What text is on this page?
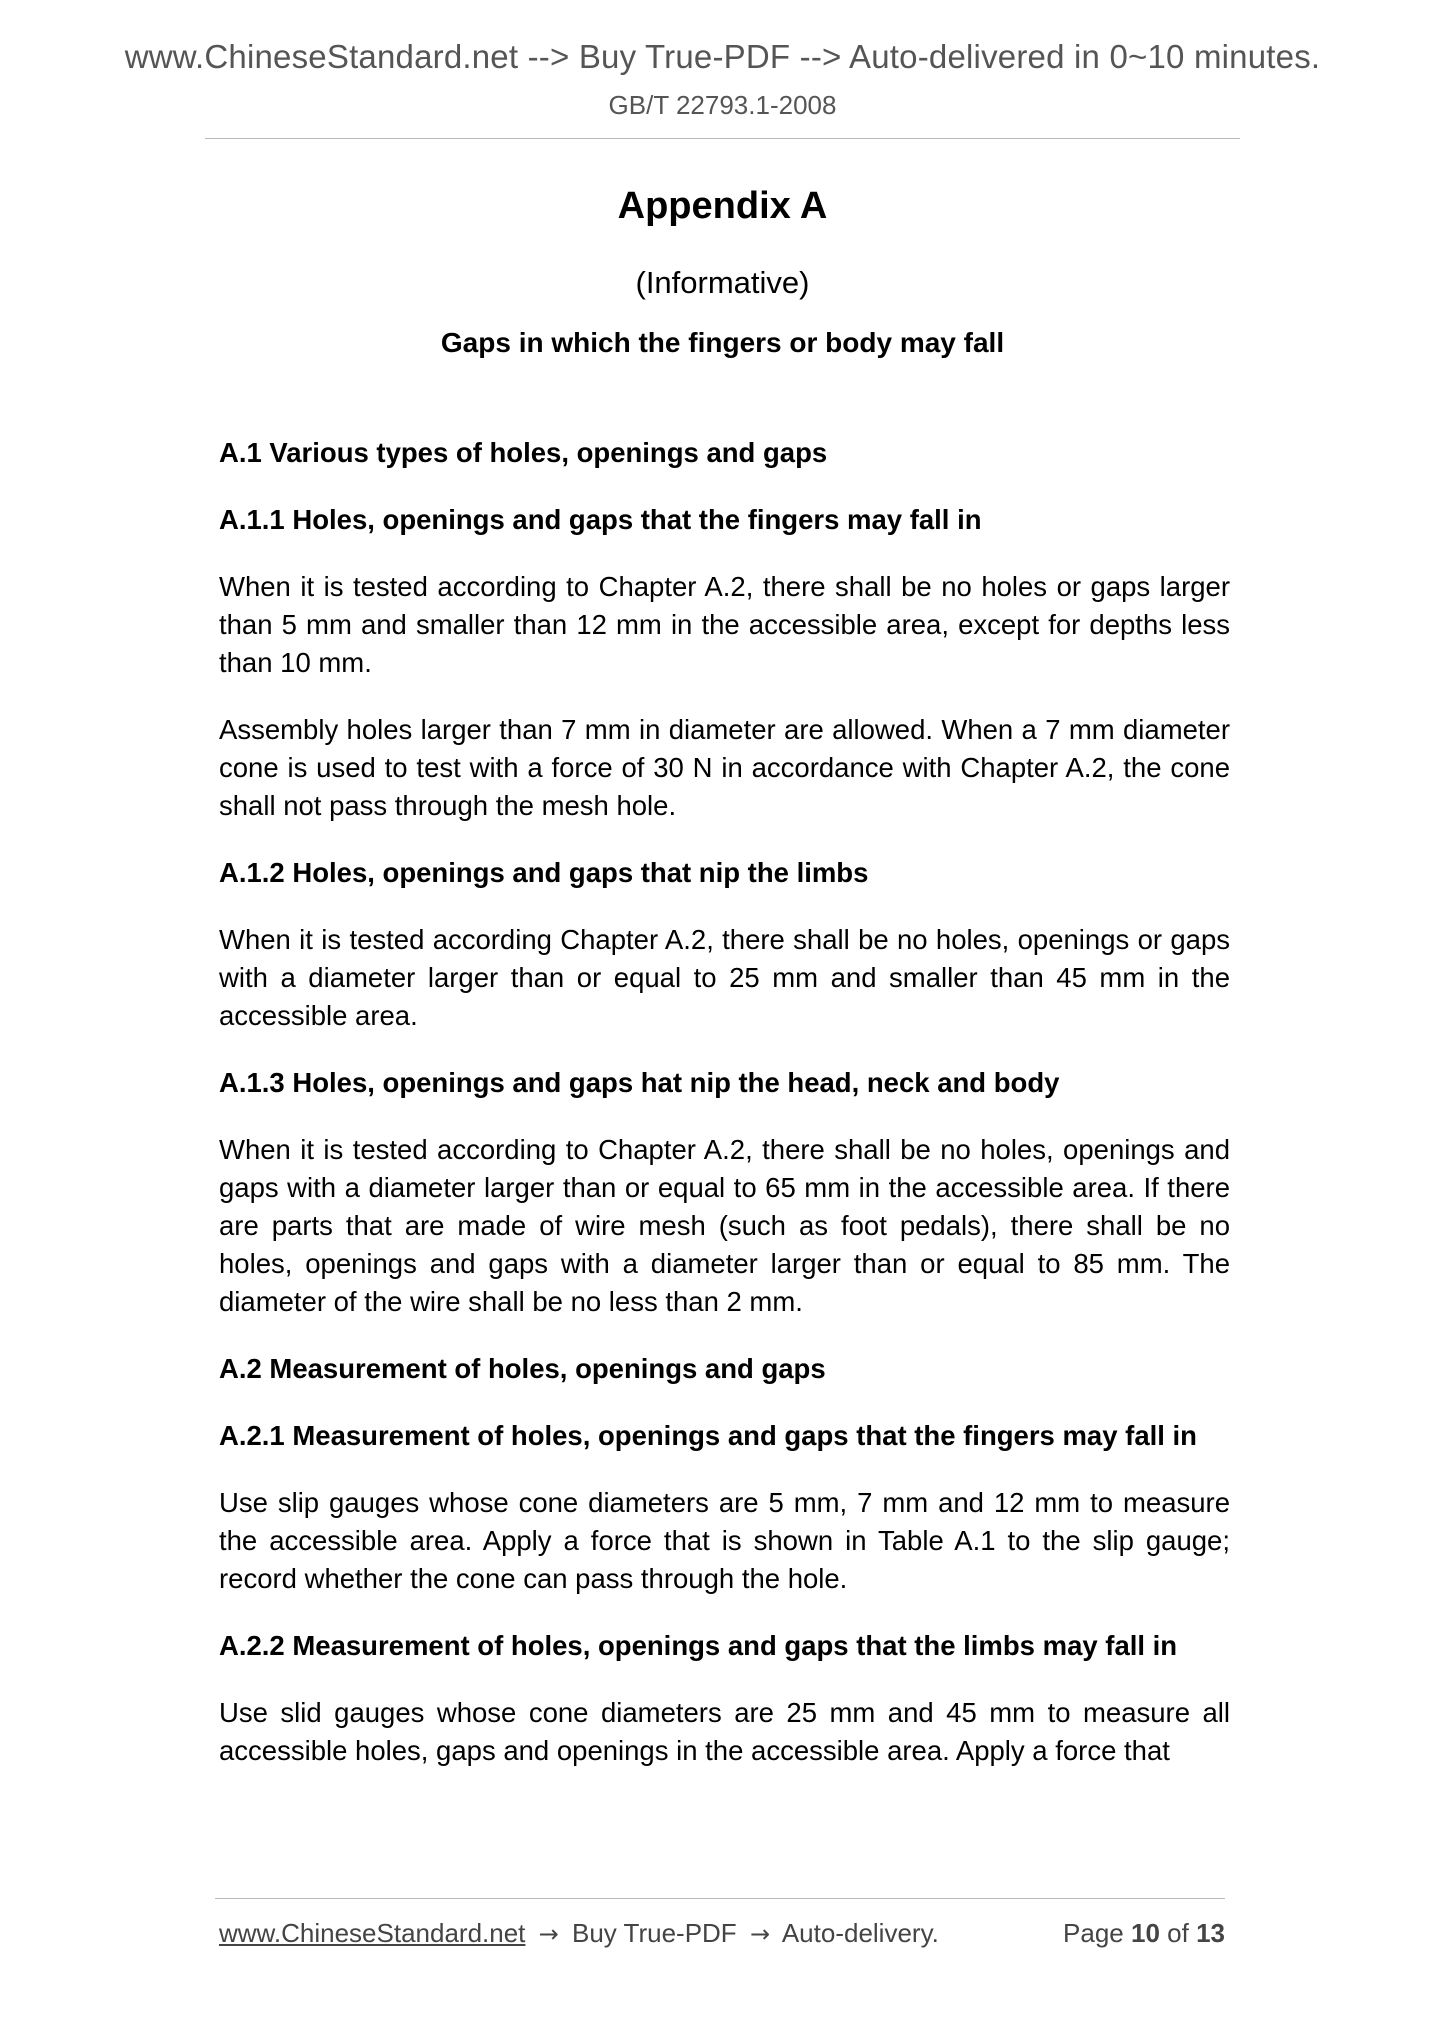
www.ChineseStandard.net --> Buy True-PDF --> Auto-delivered in 0~10 minutes.
GB/T 22793.1-2008
Appendix A
(Informative)
Gaps in which the fingers or body may fall
A.1 Various types of holes, openings and gaps
A.1.1 Holes, openings and gaps that the fingers may fall in
When it is tested according to Chapter A.2, there shall be no holes or gaps larger than 5 mm and smaller than 12 mm in the accessible area, except for depths less than 10 mm.
Assembly holes larger than 7 mm in diameter are allowed. When a 7 mm diameter cone is used to test with a force of 30 N in accordance with Chapter A.2, the cone shall not pass through the mesh hole.
A.1.2 Holes, openings and gaps that nip the limbs
When it is tested according Chapter A.2, there shall be no holes, openings or gaps with a diameter larger than or equal to 25 mm and smaller than 45 mm in the accessible area.
A.1.3 Holes, openings and gaps hat nip the head, neck and body
When it is tested according to Chapter A.2, there shall be no holes, openings and gaps with a diameter larger than or equal to 65 mm in the accessible area. If there are parts that are made of wire mesh (such as foot pedals), there shall be no holes, openings and gaps with a diameter larger than or equal to 85 mm. The diameter of the wire shall be no less than 2 mm.
A.2 Measurement of holes, openings and gaps
A.2.1 Measurement of holes, openings and gaps that the fingers may fall in
Use slip gauges whose cone diameters are 5 mm, 7 mm and 12 mm to measure the accessible area. Apply a force that is shown in Table A.1 to the slip gauge; record whether the cone can pass through the hole.
A.2.2 Measurement of holes, openings and gaps that the limbs may fall in
Use slid gauges whose cone diameters are 25 mm and 45 mm to measure all accessible holes, gaps and openings in the accessible area. Apply a force that
www.ChineseStandard.net → Buy True-PDF → Auto-delivery.	Page 10 of 13
